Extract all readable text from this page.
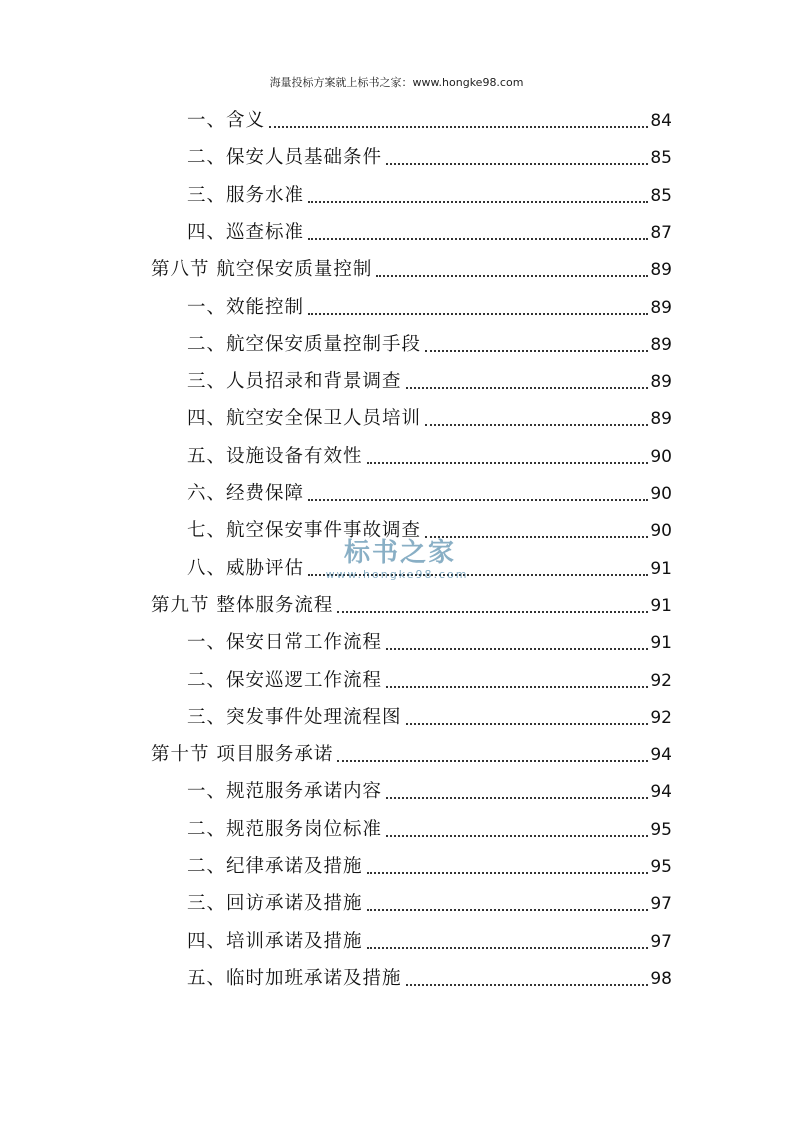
海量投标方案就上标书之家：www.hongke98.com
一、含义	84
二、保安人员基础条件	85
三、服务水准	85
四、巡查标准	87
第八节 航空保安质量控制	89
一、效能控制	89
二、航空保安质量控制手段	89
三、人员招录和背景调查	89
四、航空安全保卫人员培训	89
五、设施设备有效性	90
六、经费保障	90
七、航空保安事件事故调查	90
八、威胁评估	91
第九节 整体服务流程	91
一、保安日常工作流程	91
二、保安巡逻工作流程	92
三、突发事件处理流程图	92
第十节 项目服务承诺	94
一、规范服务承诺内容	94
二、规范服务岗位标准	95
二、纪律承诺及措施	95
三、回访承诺及措施	97
四、培训承诺及措施	97
五、临时加班承诺及措施	98
标书之家
www.hongke98.com
